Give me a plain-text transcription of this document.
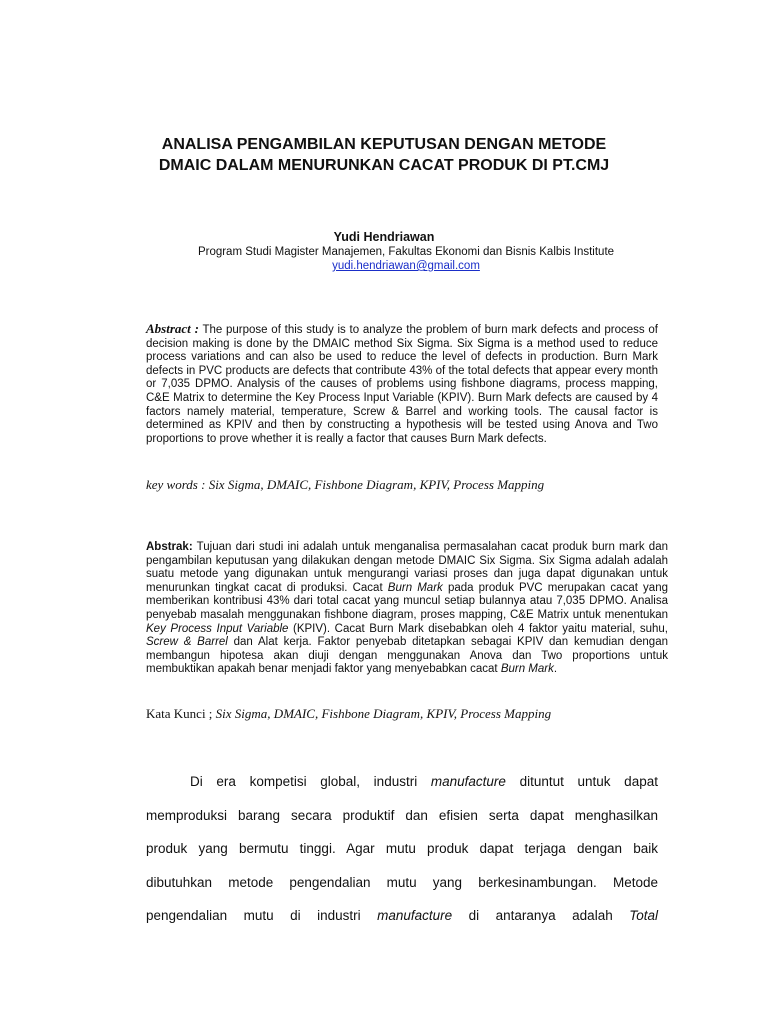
ANALISA PENGAMBILAN KEPUTUSAN DENGAN METODE
DMAIC DALAM MENURUNKAN CACAT PRODUK DI PT.CMJ

Yudi Hendriawan

Program Studi Magister Manajemen, Fakultas Ekonomi dan Bisnis Kalbis Institute
yudi.hendriawan@gmail.com

Abstract : The purpose of this study is to analyze the problem of burn mark defects and process of decision making is done by the DMAIC method Six Sigma. Six Sigma is a method used to reduce process variations and can also be used to reduce the level of defects in production. Burn Mark defects in PVC products are defects that contribute 43% of the total defects that appear every month or 7,035 DPMO. Analysis of the causes of problems using fishbone diagrams, process mapping, C&E Matrix to determine the Key Process Input Variable (KPIV). Burn Mark defects are caused by 4 factors namely material, temperature, Screw & Barrel and working tools. The causal factor is determined as KPIV and then by constructing a hypothesis will be tested using Anova and Two proportions to prove whether it is really a factor that causes Burn Mark defects.

key words : Six Sigma, DMAIC, Fishbone Diagram, KPIV, Process Mapping

Abstrak: Tujuan dari studi ini adalah untuk menganalisa permasalahan cacat produk burn mark dan pengambilan keputusan yang dilakukan dengan metode DMAIC Six Sigma. Six Sigma adalah adalah suatu metode yang digunakan untuk mengurangi variasi proses dan juga dapat digunakan untuk menurunkan tingkat cacat di produksi. Cacat Burn Mark pada produk PVC merupakan cacat yang memberikan kontribusi 43% dari total cacat yang muncul setiap bulannya atau 7,035 DPMO. Analisa penyebab masalah menggunakan fishbone diagram, proses mapping, C&E Matrix untuk menentukan Key Process Input Variable (KPIV). Cacat Burn Mark disebabkan oleh 4 faktor yaitu material, suhu, Screw & Barrel dan Alat kerja. Faktor penyebab ditetapkan sebagai KPIV dan kemudian dengan membangun hipotesa akan diuji dengan menggunakan Anova dan Two proportions untuk membuktikan apakah benar menjadi faktor yang menyebabkan cacat Burn Mark.

Kata Kunci ; Six Sigma, DMAIC, Fishbone Diagram, KPIV, Process Mapping

Di era kompetisi global, industri manufacture dituntut untuk dapat
memproduksi barang secara produktif dan efisien serta dapat menghasilkan
produk yang bermutu tinggi. Agar mutu produk dapat terjaga dengan baik
dibutuhkan metode pengendalian mutu yang berkesinambungan. Metode
pengendalian mutu di industri manufacture di antaranya adalah Total
